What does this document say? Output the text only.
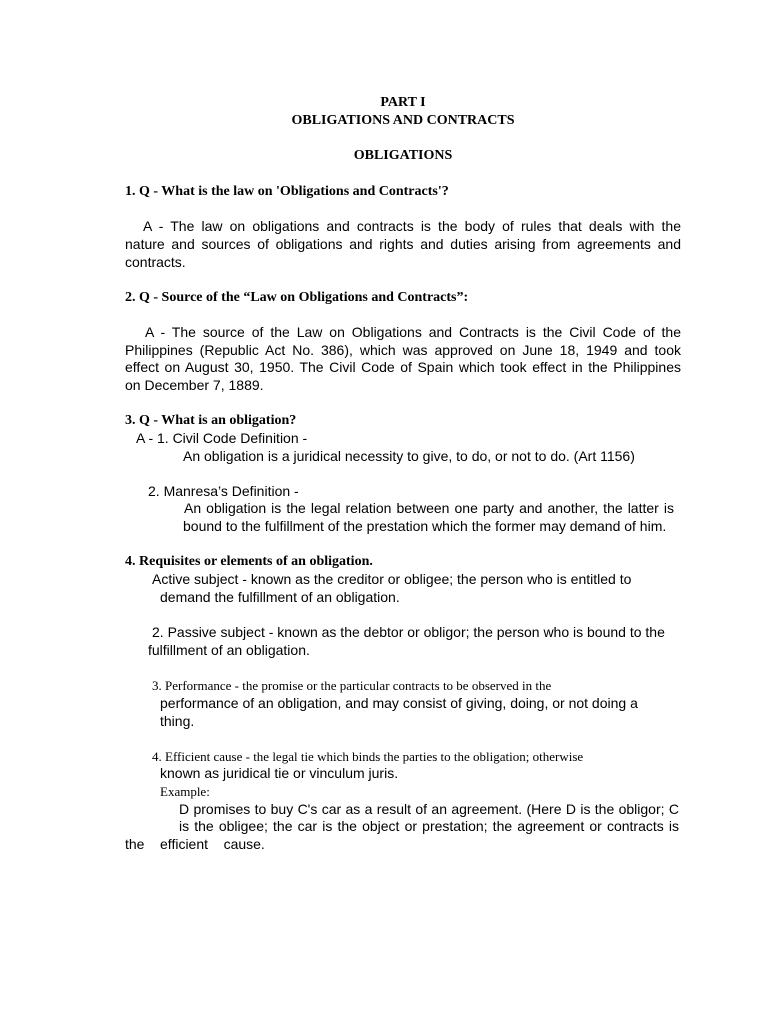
PART I
OBLIGATIONS AND CONTRACTS
OBLIGATIONS
1. Q - What is the law on 'Obligations and Contracts'?
A - The law on obligations and contracts is the body of rules that deals with the
nature and sources of obligations and rights and duties arising from agreements and
contracts.
2. Q - Source of the “Law on Obligations and Contracts”:
A - The source of the Law on Obligations and Contracts is the Civil Code of the
Philippines (Republic Act No. 386), which was approved on June 18, 1949 and took
effect on August 30, 1950. The Civil Code of Spain which took effect in the Philippines
on December 7, 1889.
3. Q - What is an obligation?
A - 1. Civil Code Definition -
An obligation is a juridical necessity to give, to do, or not to do. (Art 1156)
2. Manresa’s Definition -
An obligation is the legal relation between one party and another, the latter is
bound to the fulfillment of the prestation which the former may demand of him.
4. Requisites or elements of an obligation.
Active subject - known as the creditor or obligee; the person who is entitled to
demand the fulfillment of an obligation.
2. Passive subject - known as the debtor or obligor; the person who is bound to the
fulfillment of an obligation.
3. Performance - the promise or the particular contracts to be observed in the
performance of an obligation, and may consist of giving, doing, or not doing a
thing.
4. Efficient cause - the legal tie which binds the parties to the obligation; otherwise
known as juridical tie or vinculum juris.
Example:
D promises to buy C's car as a result of an agreement. (Here D is the obligor; C
is the obligee; the car is the object or prestation; the agreement or contracts is
the    efficient    cause.
